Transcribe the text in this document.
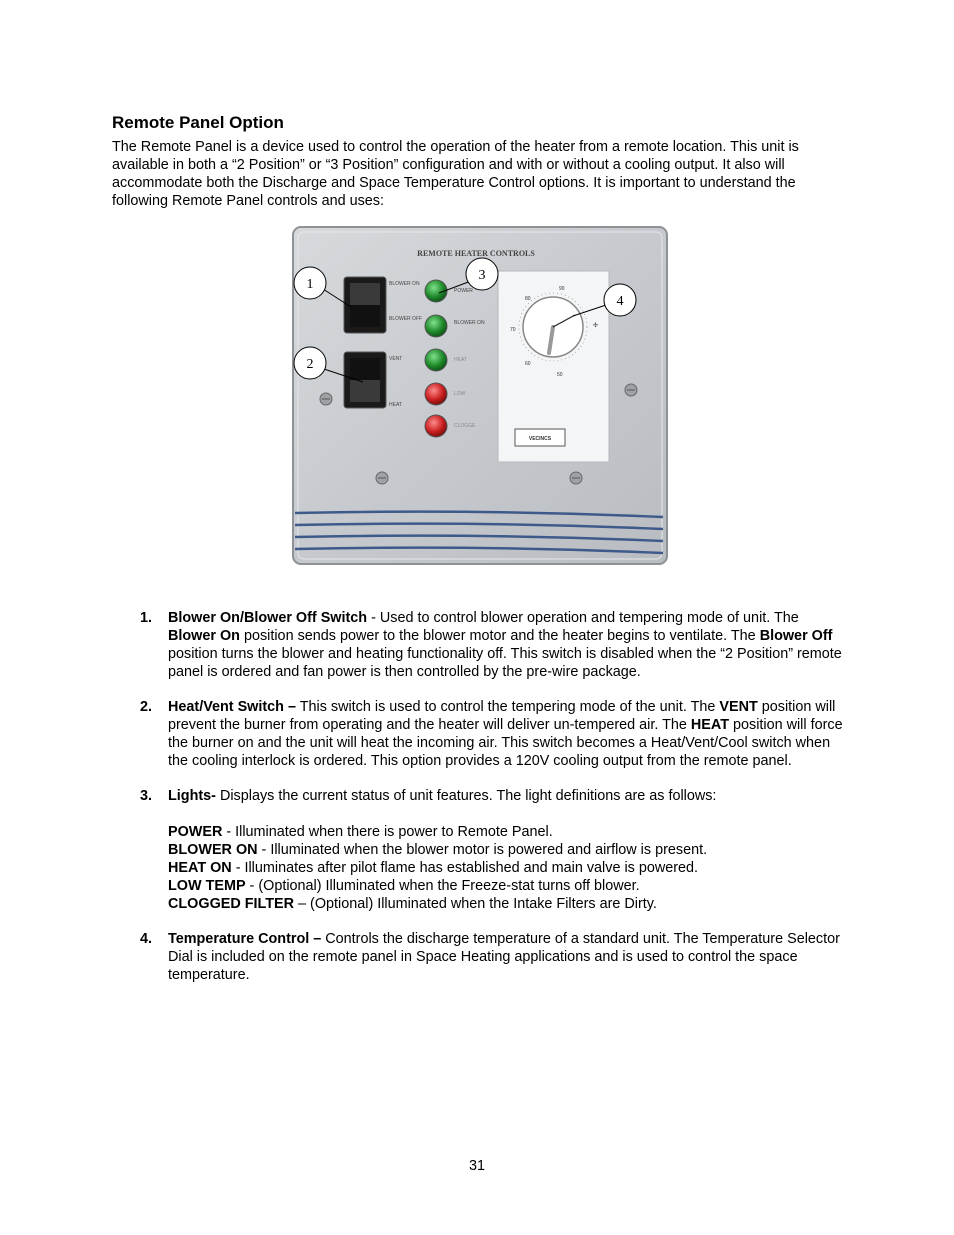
Remote Panel Option
The Remote Panel is a device used to control the operation of the heater from a remote location. This unit is available in both a “2 Position” or “3 Position” configuration and with or without a cooling output. It also will accommodate both the Discharge and Space Temperature Control options. It is important to understand the following Remote Panel controls and uses:
REMOTE HEATER CONTROLS
BLOWER ON
BLOWER OFF
VENT
HEAT
POWER
BLOWER ON
HEAT
LOW
CLOGGE
60
70
80
90
50
✣
VECINCS
1
2
3
4
1. Blower On/Blower Off Switch - Used to control blower operation and tempering mode of unit. The Blower On position sends power to the blower motor and the heater begins to ventilate. The Blower Off position turns the blower and heating functionality off. This switch is disabled when the “2 Position” remote panel is ordered and fan power is then controlled by the pre-wire package.
2. Heat/Vent Switch – This switch is used to control the tempering mode of the unit. The VENT position will prevent the burner from operating and the heater will deliver un-tempered air. The HEAT position will force the burner on and the unit will heat the incoming air. This switch becomes a Heat/Vent/Cool switch when the cooling interlock is ordered. This option provides a 120V cooling output from the remote panel.
3. Lights- Displays the current status of unit features. The light definitions are as follows:
POWER - Illuminated when there is power to Remote Panel.
BLOWER ON - Illuminated when the blower motor is powered and airflow is present.
HEAT ON - Illuminates after pilot flame has established and main valve is powered.
LOW TEMP - (Optional) Illuminated when the Freeze-stat turns off blower.
CLOGGED FILTER – (Optional) Illuminated when the Intake Filters are Dirty.
4. Temperature Control – Controls the discharge temperature of a standard unit. The Temperature Selector Dial is included on the remote panel in Space Heating applications and is used to control the space temperature.
31
